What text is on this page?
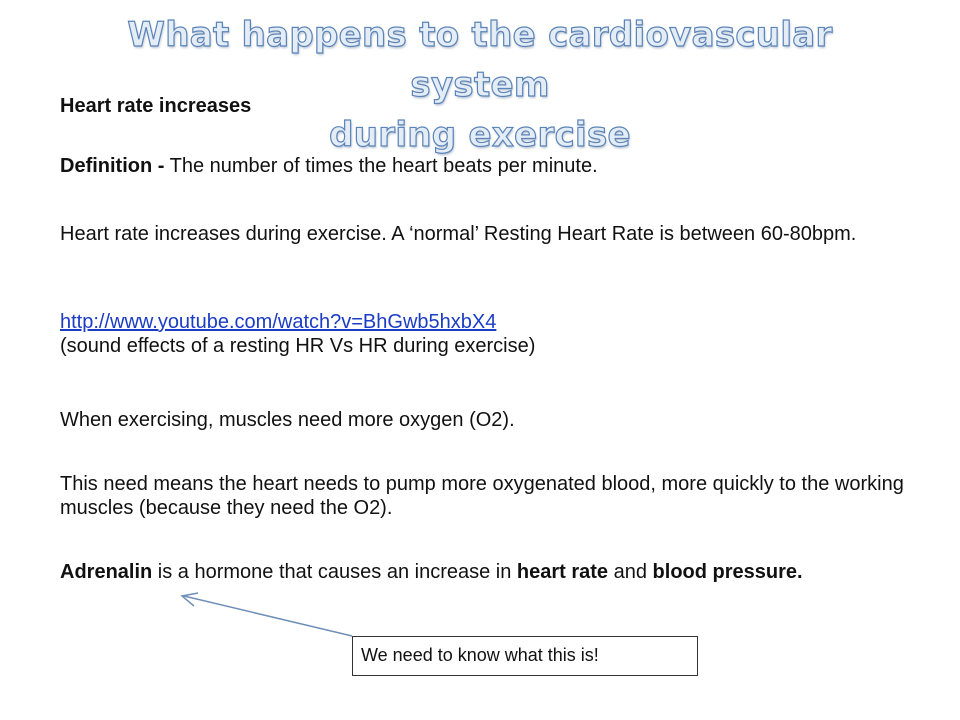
What happens to the cardiovascular system
during exercise

Heart rate increases

Definition - The number of times the heart beats per minute.

Heart rate increases during exercise. A ‘normal’ Resting Heart Rate is between 60-80bpm.

http://www.youtube.com/watch?v=BhGwb5hxbX4
(sound effects of a resting HR Vs HR during exercise)

When exercising, muscles need more oxygen (O2).

This need means the heart needs to pump more oxygenated blood, more quickly to the working muscles (because they need the O2).

Adrenalin is a hormone that causes an increase in heart rate and blood pressure.

We need to know what this is!
